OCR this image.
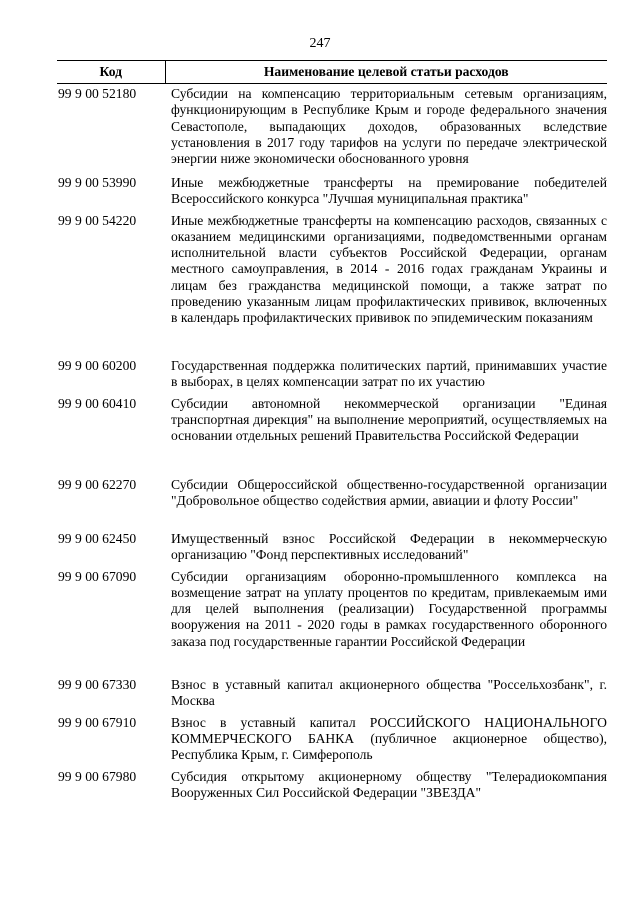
247
Код	Наименование целевой статьи расходов
99 9 00 52180	Субсидии на компенсацию территориальным сетевым организациям, функционирующим в Республике Крым и городе федерального значения Севастополе, выпадающих доходов, образованных вследствие установления в 2017 году тарифов на услуги по передаче электрической энергии ниже экономически обоснованного уровня
99 9 00 53990	Иные межбюджетные трансферты на премирование победителей Всероссийского конкурса "Лучшая муниципальная практика"
99 9 00 54220	Иные межбюджетные трансферты на компенсацию расходов, связанных с оказанием медицинскими организациями, подведомственными органам исполнительной власти субъектов Российской Федерации, органам местного самоуправления, в 2014 - 2016 годах гражданам Украины и лицам без гражданства медицинской помощи, а также затрат по проведению указанным лицам профилактических прививок, включенных в календарь профилактических прививок по эпидемическим показаниям
99 9 00 60200	Государственная поддержка политических партий, принимавших участие в выборах, в целях компенсации затрат по их участию
99 9 00 60410	Субсидии автономной некоммерческой организации "Единая транспортная дирекция" на выполнение мероприятий, осуществляемых на основании отдельных решений Правительства Российской Федерации
99 9 00 62270	Субсидии Общероссийской общественно-государственной организации "Добровольное общество содействия армии, авиации и флоту России"
99 9 00 62450	Имущественный взнос Российской Федерации в некоммерческую организацию "Фонд перспективных исследований"
99 9 00 67090	Субсидии организациям оборонно-промышленного комплекса на возмещение затрат на уплату процентов по кредитам, привлекаемым ими для целей выполнения (реализации) Государственной программы вооружения на 2011 - 2020 годы в рамках государственного оборонного заказа под государственные гарантии Российской Федерации
99 9 00 67330	Взнос в уставный капитал акционерного общества "Россельхозбанк", г. Москва
99 9 00 67910	Взнос в уставный капитал РОССИЙСКОГО НАЦИОНАЛЬНОГО КОММЕРЧЕСКОГО БАНКА (публичное акционерное общество), Республика Крым, г. Симферополь
99 9 00 67980	Субсидия открытому акционерному обществу "Телерадиокомпания Вооруженных Сил Российской Федерации "ЗВЕЗДА"
